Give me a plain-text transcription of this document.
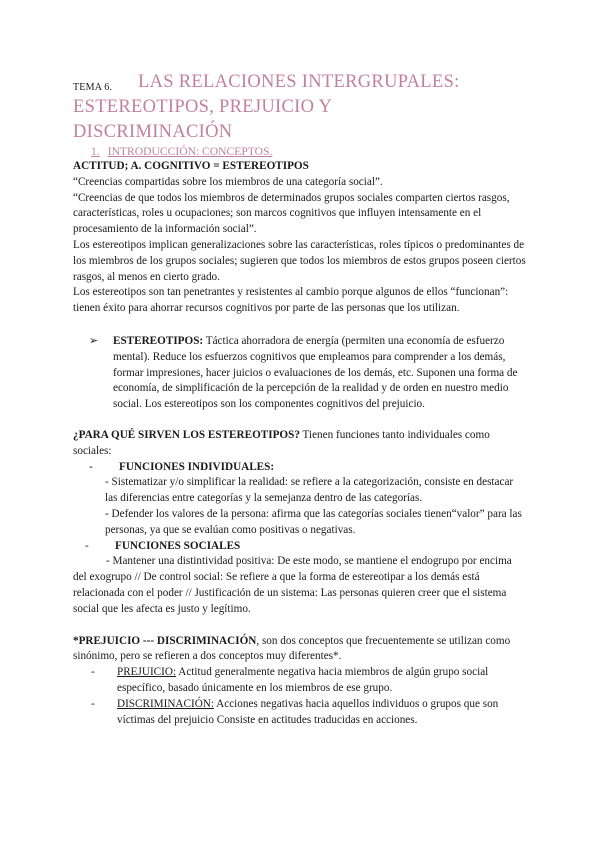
TEMA 6.	LAS RELACIONES INTERGRUPALES:
ESTEREOTIPOS, PREJUICIO Y
DISCRIMINACIÓN
1. INTRODUCCIÓN: CONCEPTOS.

ACTITUD; A. COGNITIVO = ESTEREOTIPOS

“Creencias compartidas sobre los miembros de una categoría social”.

“Creencias de que todos los miembros de determinados grupos sociales comparten ciertos rasgos, características, roles u ocupaciones; son marcos cognitivos que influyen intensamente en el procesamiento de la información social”.

Los estereotipos implican generalizaciones sobre las características, roles típicos o predominantes de los miembros de los grupos sociales; sugieren que todos los miembros de estos grupos poseen ciertos rasgos, al menos en cierto grado.

Los estereotipos son tan penetrantes y resistentes al cambio porque algunos de ellos “funcionan”: tienen éxito para ahorrar recursos cognitivos por parte de las personas que los utilizan.

➢	ESTEREOTIPOS: Táctica ahorradora de energía (permiten una economía de esfuerzo mental). Reduce los esfuerzos cognitivos que empleamos para comprender a los demás, formar impresiones, hacer juicios o evaluaciones de los demás, etc. Suponen una forma de economía, de simplificación de la percepción de la realidad y de orden en nuestro medio social. Los estereotipos son los componentes cognitivos del prejuicio.

¿PARA QUÉ SIRVEN LOS ESTEREOTIPOS? Tienen funciones tanto individuales como sociales:

-	FUNCIONES INDIVIDUALES:

- Sistematizar y/o simplificar la realidad: se refiere a la categorización, consiste en destacar las diferencias entre categorías y la semejanza dentro de las categorías.

- Defender los valores de la persona: afirma que las categorías sociales tienen“valor” para las personas, ya que se evalúan como positivas o negativas.

-	FUNCIONES SOCIALES

- Mantener una distintividad positiva: De este modo, se mantiene el endogrupo por encima del exogrupo // De control social: Se refiere a que la forma de estereotipar a los demás está relacionada con el poder // Justificación de un sistema: Las personas quieren creer que el sistema social que les afecta es justo y legítimo.

*PREJUICIO --- DISCRIMINACIÓN, son dos conceptos que frecuentemente se utilizan como sinónimo, pero se refieren a dos conceptos muy diferentes*.

-	PREJUICIO: Actitud generalmente negativa hacia miembros de algún grupo social específico, basado únicamente en los miembros de ese grupo.
-	DISCRIMINACIÓN: Acciones negativas hacia aquellos individuos o grupos que son víctimas del prejuicio Consiste en actitudes traducidas en acciones.
